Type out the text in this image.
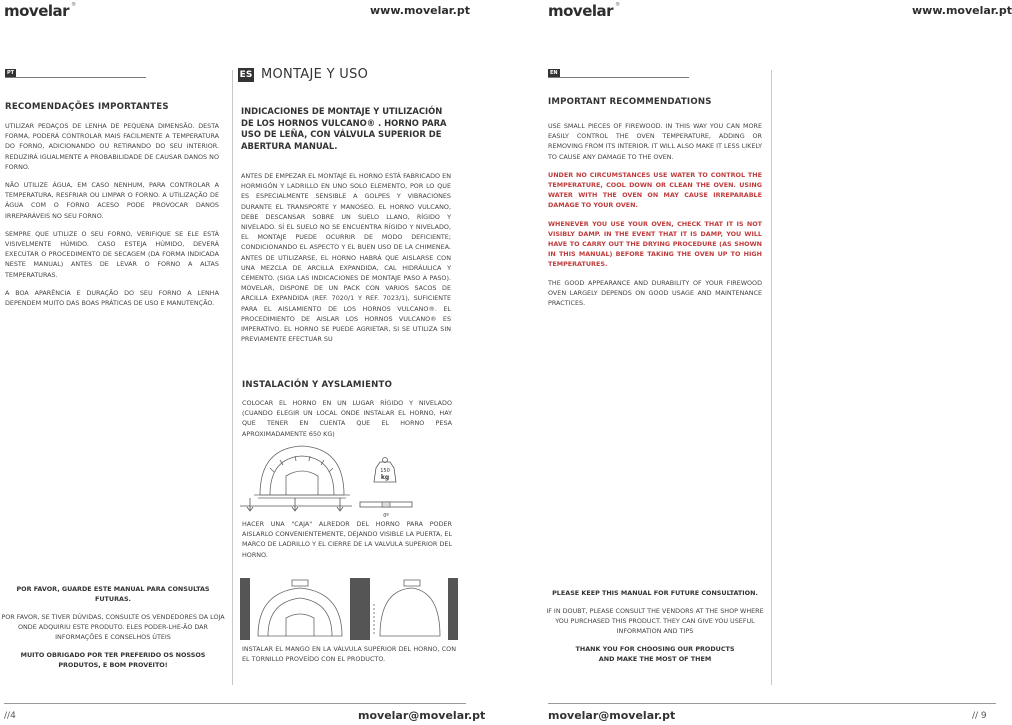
movelar ®	www.movelar.pt	movelar ®	www.movelar.pt
PT
RECOMENDAÇÕES IMPORTANTES

UTILIZAR PEDAÇOS DE LENHA DE PEQUENA DIMENSÃO. DESTA FORMA, PODERÁ CONTROLAR MAIS FACILMENTE A TEMPERATURA DO FORNO, ADICIONANDO OU RETIRANDO DO SEU INTERIOR. REDUZIRÁ IGUALMENTE A PROBABILIDADE DE CAUSAR DANOS NO FORNO.

NÃO UTILIZE ÁGUA, EM CASO NENHUM, PARA CONTROLAR A TEMPERATURA, RESFRIAR OU LIMPAR O FORNO. A UTILIZAÇÃO DE ÁGUA COM O FORNO ACESO PODE PROVOCAR DANOS IRREPARÁVEIS NO SEU FORNO.

SEMPRE QUE UTILIZE O SEU FORNO, VERIFIQUE SE ELE ESTÁ VISIVELMENTE HÚMIDO. CASO ESTEJA HÚMIDO, DEVERÁ EXECUTAR O PROCEDIMENTO DE SECAGEM (DA FORMA INDICADA NESTE MANUAL) ANTES DE LEVAR O FORNO A ALTAS TEMPERATURAS.

A BOA APARÊNCIA E DURAÇÃO DO SEU FORNO A LENHA DEPENDEM MUITO DAS BOAS PRÁTICAS DE USO E MANUTENÇÃO.

POR FAVOR, GUARDE ESTE MANUAL PARA CONSULTAS FUTURAS.

POR FAVOR, SE TIVER DÚVIDAS, CONSULTE OS VENDEDORES DA LOJA ONDE ADQUIRIU ESTE PRODUTO. ELES PODER-LHE-ÃO DAR INFORMAÇÕES E CONSELHOS ÚTEIS

MUITO OBRIGADO POR TER PREFERIDO OS NOSSOS PRODUTOS, E BOM PROVEITO!

ES MONTAJE Y USO
INDICACIONES DE MONTAJE Y UTILIZACIÓN DE LOS HORNOS VULCANO® . HORNO PARA USO DE LEÑA, CON VÁLVULA SUPERIOR DE ABERTURA MANUAL.

ANTES DE EMPEZAR EL MONTAJE EL HORNO ESTÁ FABRICADO EN HORMIGÓN Y LADRILLO EN UNO SOLO ELEMENTO, POR LO QUE ES ESPECIALMENTE SENSIBLE A GOLPES Y VIBRACIONES DURANTE EL TRANSPORTE Y MANOSEO. EL HORNO VULCANO, DEBE DESCANSAR SOBRE UN SUELO LLANO, RÍGIDO Y NIVELADO. SÍ EL SUELO NO SE ENCUENTRA RÍGIDO Y NIVELADO, EL MONTAJE PUEDE OCURRIR DE MODO DEFICIENTE; CONDICIONANDO EL ASPECTO Y EL BUEN USO DE LA CHIMENEA. ANTES DE UTILIZARSE, EL HORNO HABRÁ QUE AISLARSE CON UNA MEZCLA DE ARCILLA EXPANDIDA, CAL HIDRÁULICA Y CEMENTO. (SIGA LAS INDICACIONES DE MONTAJE PASO A PASO). MOVELAR, DISPONE DE UN PACK CON VARIOS SACOS DE ARCILLA EXPANDIDA (REF. 7020/1 Y REF. 7023/1), SUFICIENTE PARA EL AISLAMIENTO DE LOS HORNOS VULCANO®. EL PROCEDIMIENTO DE AISLAR LOS HORNOS VULCANO® ES IMPERATIVO. EL HORNO SE PUEDE AGRIETAR, SI SE UTILIZA SIN PREVIAMENTE EFECTUAR SU

INSTALACIÓN Y AYSLAMIENTO

COLOCAR EL HORNO EN UN LUGAR RÍGIDO Y NIVELADO (CUANDO ELEGIR UN LOCAL ONDE INSTALAR EL HORNO, HAY QUE TENER EN CUENTA QUE EL HORNO PESA APROXIMADAMENTE 650 KG)

150
kg
0º

HACER UNA "CAJA" ALREDOR DEL HORNO PARA PODER AISLARLO CONVENIENTEMENTE, DEJANDO VISIBLE LA PUERTA, EL MARCO DE LADRILLO Y EL CIERRE DE LA VALVULA SUPERIOR DEL HORNO.

INSTALAR EL MANGO EN LA VÁLVULA SUPERIOR DEL HORNO, CON EL TORNILLO PROVEÍDO CON EL PRODUCTO.

EN
IMPORTANT RECOMMENDATIONS

USE SMALL PIECES OF FIREWOOD. IN THIS WAY YOU CAN MORE EASILY CONTROL THE OVEN TEMPERATURE, ADDING OR REMOVING FROM ITS INTERIOR. IT WILL ALSO MAKE IT LESS LIKELY TO CAUSE ANY DAMAGE TO THE OVEN.

UNDER NO CIRCUMSTANCES USE WATER TO CONTROL THE TEMPERATURE, COOL DOWN OR CLEAN THE OVEN. USING WATER WITH THE OVEN ON MAY CAUSE IRREPARABLE DAMAGE TO YOUR OVEN.

WHENEVER YOU USE YOUR OVEN, CHECK THAT IT IS NOT VISIBLY DAMP. IN THE EVENT THAT IT IS DAMP, YOU WILL HAVE TO CARRY OUT THE DRYING PROCEDURE (AS SHOWN IN THIS MANUAL) BEFORE TAKING THE OVEN UP TO HIGH TEMPERATURES.

THE GOOD APPEARANCE AND DURABILITY OF YOUR FIREWOOD OVEN LARGELY DEPENDS ON GOOD USAGE AND MAINTENANCE PRACTICES.

PLEASE KEEP THIS MANUAL FOR FUTURE CONSULTATION.

IF IN DOUBT, PLEASE CONSULT THE VENDORS AT THE SHOP WHERE YOU PURCHASED THIS PRODUCT. THEY CAN GIVE YOU USEFUL INFORMATION AND TIPS

THANK YOU FOR CHOOSING OUR PRODUCTS

AND MAKE THE MOST OF THEM

//4	movelar@movelar.pt	movelar@movelar.pt	// 9
